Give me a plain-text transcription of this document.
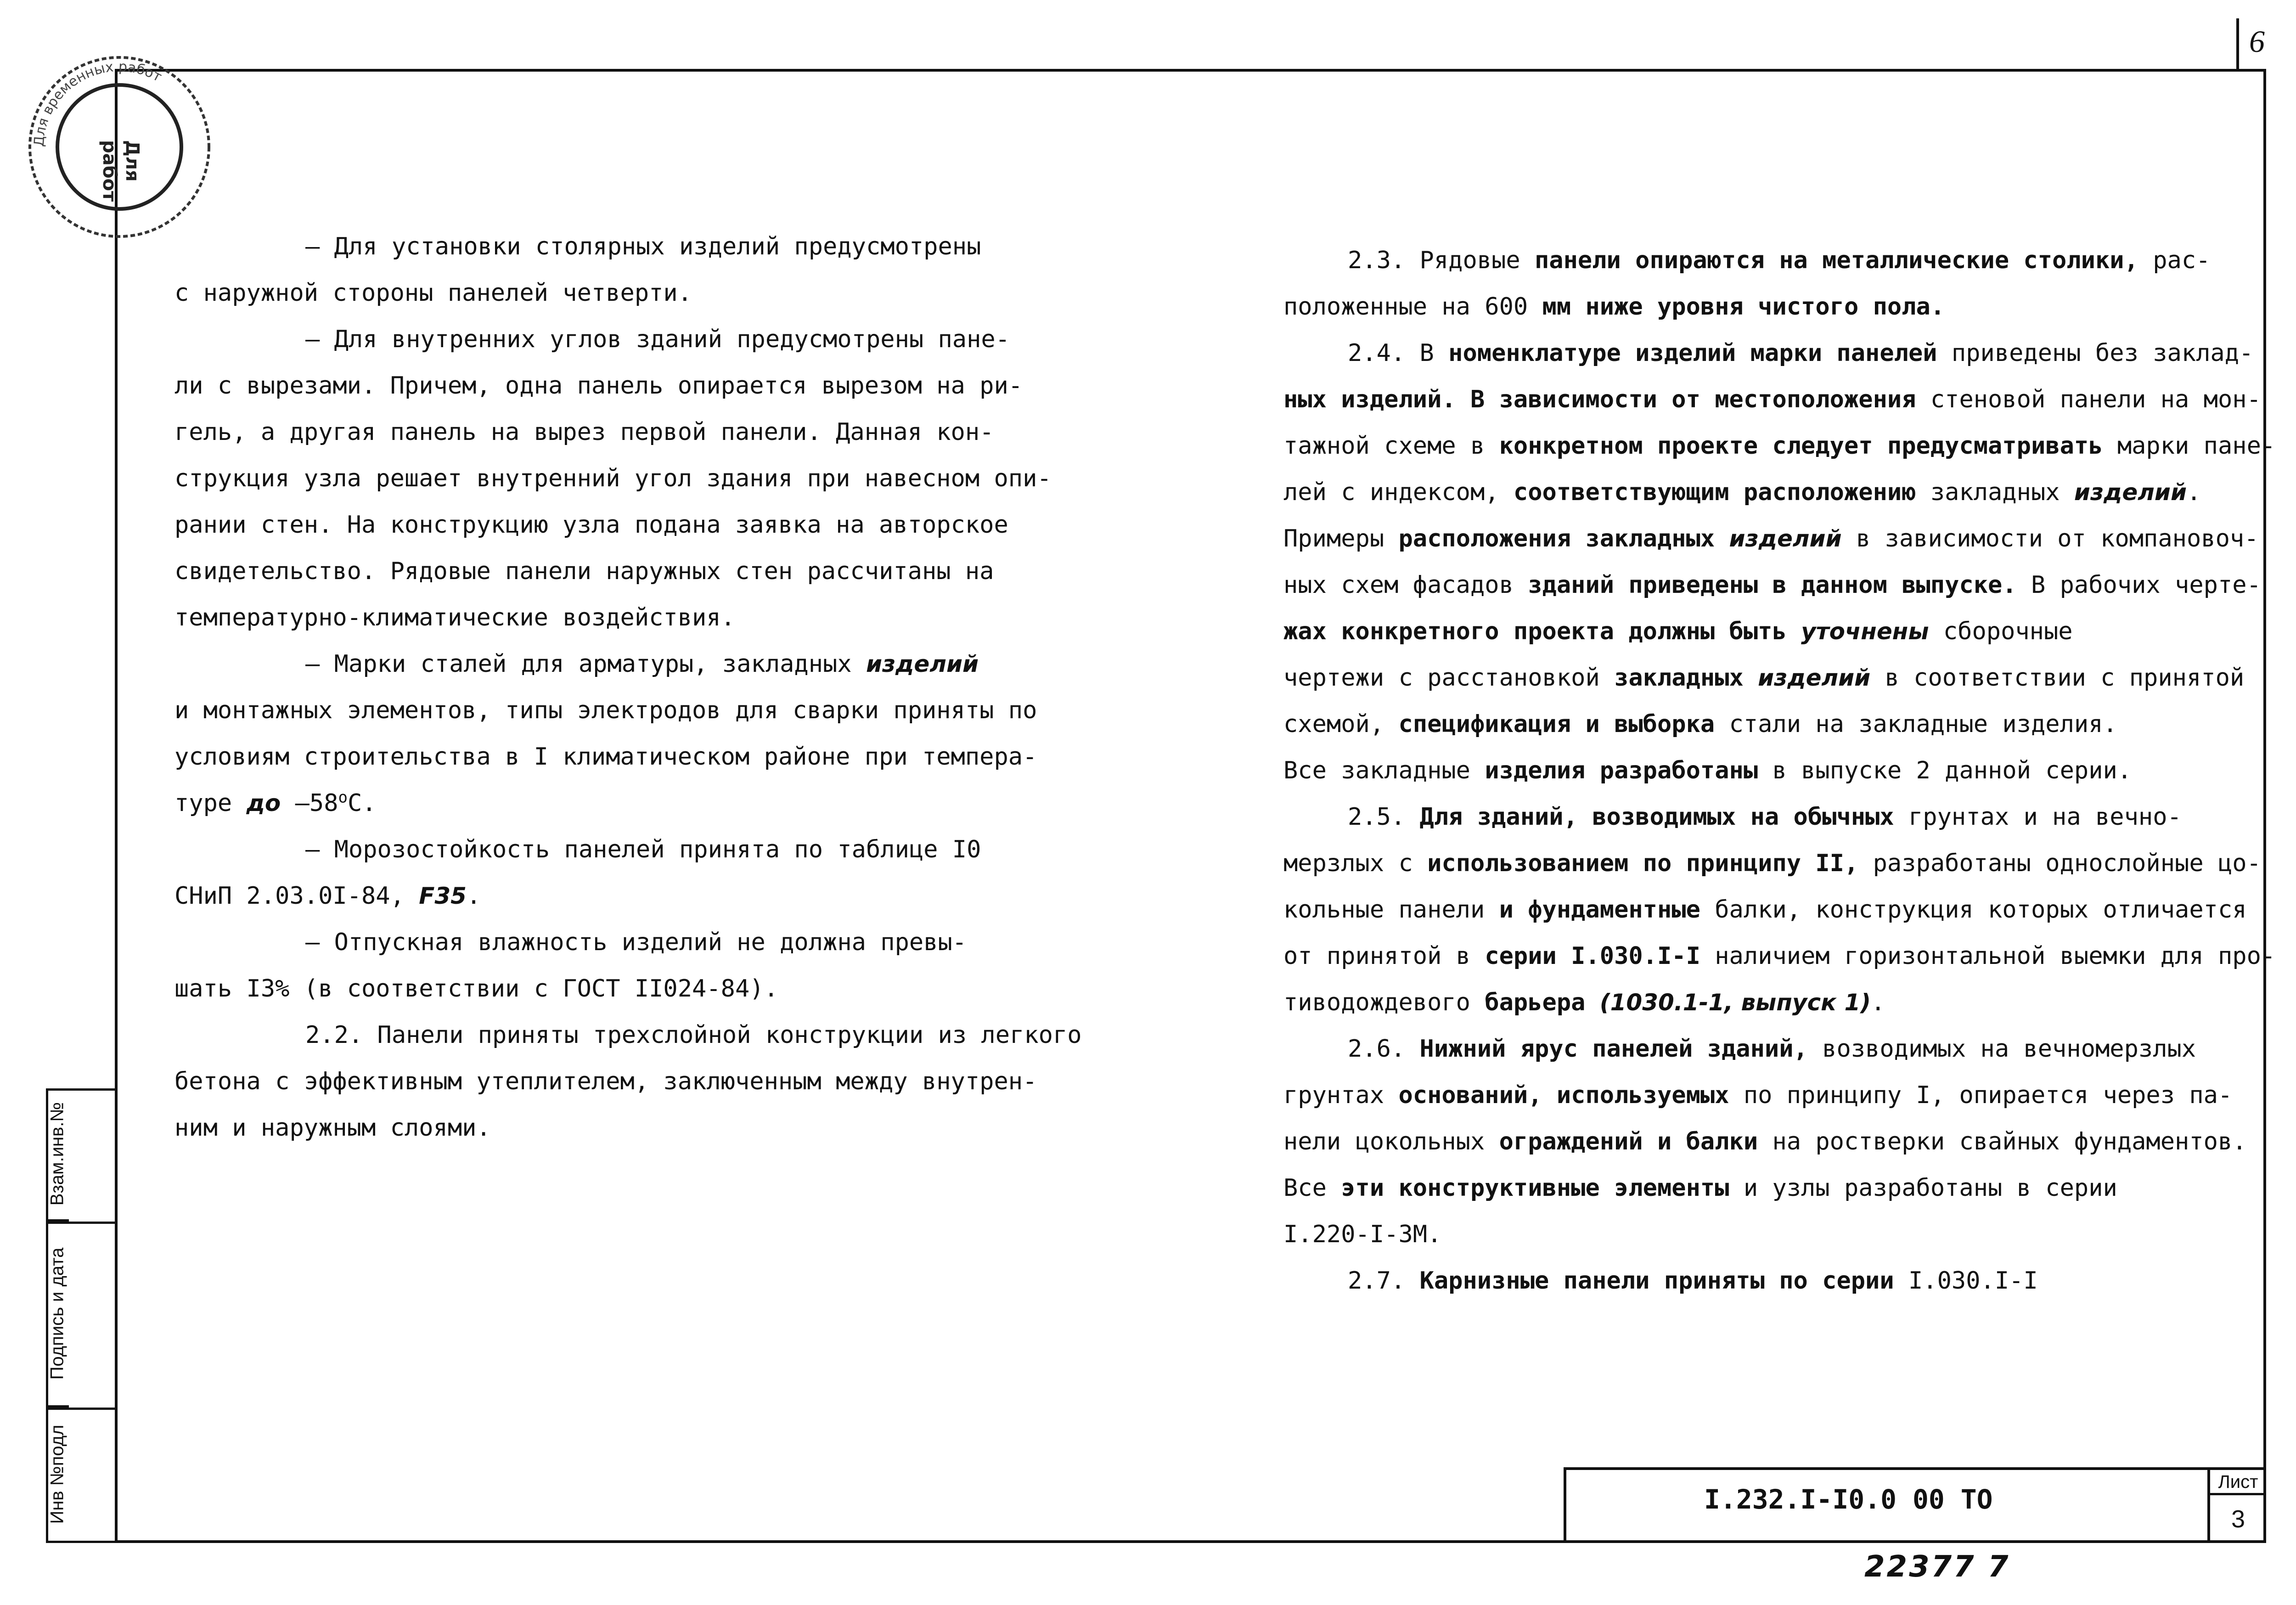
6
Для временных работ
Для
работ
Инв №подл
Подпись и дата
Взам.инв.№

– Для установки столярных изделий предусмотрены

с наружной стороны панелей четверти.

– Для внутренних углов зданий предусмотрены пане-

ли с вырезами. Причем, одна панель опирается вырезом на ри-

гель, а другая панель на вырез первой панели. Данная кон-

струкция узла решает внутренний угол здания при навесном опи-

рании стен. На конструкцию узла подана заявка на авторское

свидетельство. Рядовые панели наружных стен рассчитаны на

температурно-климатические воздействия.

– Марки сталей для арматуры, закладных изделий

и монтажных элементов, типы электродов для сварки приняты по

условиям строительства в I климатическом районе при темпера-

туре до $-58^оС$.

– Морозостойкость панелей принята по таблице I0

СНиП 2.03.0I-84, F35.

– Отпускная влажность изделий не должна превы-

шать I3% (в соответствии с ГОСТ II024-84).

2.2. Панели приняты трехслойной конструкции из легкого

бетона с эффективным утеплителем, заключенным между внутрен-

ним и наружным слоями.

2.3. Рядовые панели опираются на металлические столики, рас-

положенные на 600 мм ниже уровня чистого пола.

2.4. В номенклатуре изделий марки панелей приведены без заклад-

ных изделий. В зависимости от местоположения стеновой панели на мон-

тажной схеме в конкретном проекте следует предусматривать марки пане-

лей с индексом, соответствующим расположению закладных изделий.

Примеры расположения закладных изделий в зависимости от компановоч-

ных схем фасадов зданий приведены в данном выпуске. В рабочих черте-

жах конкретного проекта должны быть уточнены сборочные

чертежи с расстановкой закладных изделий в соответствии с принятой

схемой, спецификация и выборка стали на закладные изделия.

Все закладные изделия разработаны в выпуске 2 данной серии.

2.5. Для зданий, возводимых на обычных грунтах и на вечно-

мерзлых с использованием по принципу II, разработаны однослойные цо-

кольные панели и фундаментные балки, конструкция которых отличается

от принятой в серии I.030.I-I наличием горизонтальной выемки для про-

тиводождевого барьера (1030.1-1, выпуск 1).

2.6. Нижний ярус панелей зданий, возводимых на вечномерзлых

грунтах оснований, используемых по принципу I, опирается через па-

нели цокольных ограждений и балки на ростверки свайных фундаментов.

Все эти конструктивные элементы и узлы разработаны в серии

I.220-I-3М.

2.7. Карнизные панели приняты по серии I.030.I-I

I.232.I-I0.0 00 ТО
Лист
3
22377 7
